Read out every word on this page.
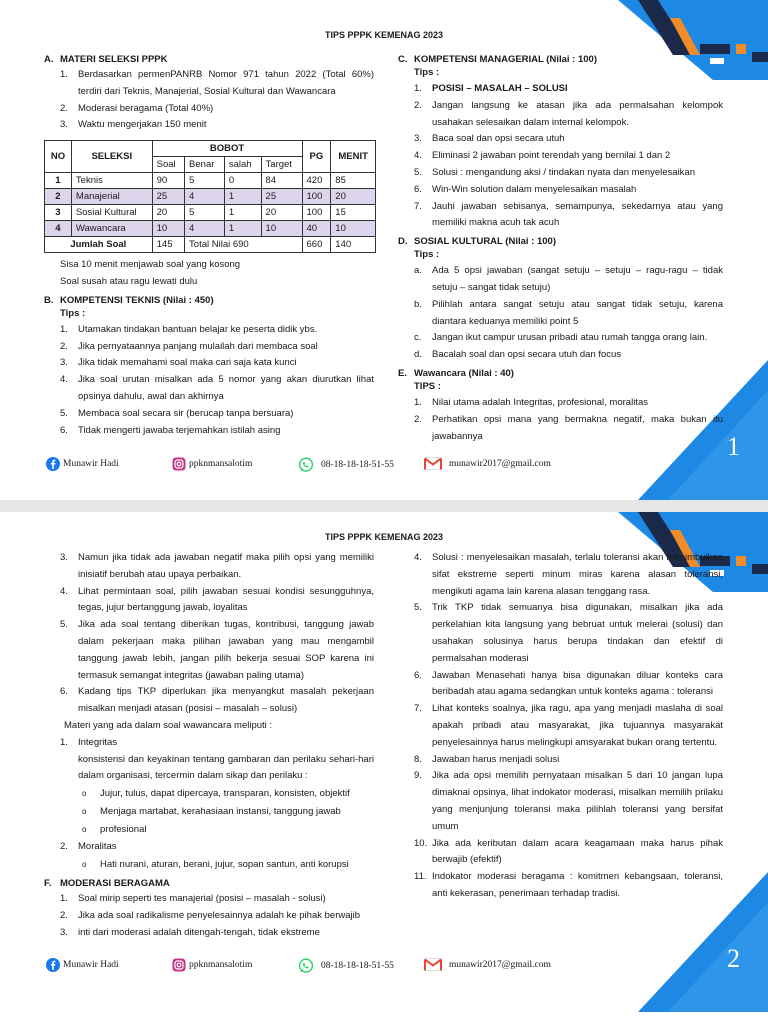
1
TIPS PPPK KEMENAG 2023
A. MATERI SELEKSI PPPK
1.	Berdasarkan permenPANRB Nomor 971 tahun 2022 (Total 60%) terdiri dari Teknis, Manajerial, Sosial Kultural dan Wawancara
2.	Moderasi beragama (Total 40%)
3.	Waktu mengerjakan 150 menit
NO	SELEKSI	BOBOT				PG	MENIT
		Soal	Benar	salah	Target		
1	Teknis	90	5	0	84	420	85
2	Manajerial	25	4	1	25	100	20
3	Sosial Kultural	20	5	1	20	100	15
4	Wawancara	10	4	1	10	40	10
Jumlah Soal		145	Total Nilai 690			660	140
Sisa 10 menit menjawab soal yang kosong
Soal susah atau ragu lewati dulu
B. KOMPETENSI TEKNIS (Nilai : 450)
Tips :
1.	Utamakan tindakan bantuan belajar ke peserta didik ybs.
2.	Jika pernyataannya panjang mulailah dari membaca soal
3.	Jika tidak memahami soal maka cari saja kata kunci
4.	Jika soal urutan misalkan ada 5 nomor yang akan diurutkan lihat opsinya dahulu, awal dan akhirnya
5.	Membaca soal secara sir (berucap tanpa bersuara)
6.	Tidak mengerti jawaba terjemahkan istilah asing
C. KOMPETENSI MANAGERIAL (Nilai : 100)
Tips :
1.	POSISI – MASALAH – SOLUSI
2.	Jangan langsung ke atasan jika ada permalsahan kelompok usahakan selesaikan dalam internal kelompok.
3.	Baca soal dan opsi secara utuh
4.	Eliminasi 2 jawaban point terendah yang bernilai 1 dan 2
5.	Solusi : mengandung aksi / tindakan nyata dan menyelesaikan
6.	Win-Win solution dalam menyelesaikan masalah
7.	Jauhi jawaban sebisanya, semampunya, sekedarnya atau yang memiliki makna acuh tak acuh
D. SOSIAL KULTURAL (Nilai : 100)
Tips :
a.	Ada 5 opsi jawaban (sangat setuju – setuju – ragu-ragu – tidak setuju – sangat tidak setuju)
b.	Pilihlah antara sangat setuju atau sangat tidak setuju, karena diantara keduanya memiliki point 5
c.	Jangan ikut campur urusan pribadi atau rumah tangga orang lain.
d.	Bacalah soal dan opsi secara utuh dan focus
E. Wawancara (Nilai : 40)
TIPS :
1.	Nilai utama adalah Integritas, profesional, moralitas
2.	Perhatikan opsi mana yang bermakna negatif, maka bukan itu jawabannya
Munawir Hadi	ppknmansalotim	08-18-18-18-51-55	munawir2017@gmail.com
2
TIPS PPPK KEMENAG 2023
3.	Namun jika tidak ada jawaban negatif maka pilih opsi yang memiliki inisiatif berubah atau upaya perbaikan.
4.	Lihat permintaan soal, pilih jawaban sesuai kondisi sesungguhnya, tegas, jujur bertanggung jawab, loyalitas
5.	Jika ada soal tentang diberikan tugas, kontribusi, tanggung jawab dalam pekerjaan maka pilihan jawaban yang mau mengambil tanggung jawab lebih, jangan pilih bekerja sesuai SOP karena ini termasuk semangat integritas (jawaban paling utama)
6.	Kadang tips TKP diperlukan jika menyangkut masalah pekerjaan misalkan menjadi atasan (posisi – masalah – solusi)
Materi yang ada dalam soal wawancara meliputi :
1.	Integritas
konsistensi dan keyakinan tentang gambaran dan perilaku sehari-hari dalam organisasi, tercermin dalam sikap dan perilaku :
o	Jujur, tulus, dapat dipercaya, transparan, konsisten, objektif
o	Menjaga martabat, kerahasiaan instansi, tanggung jawab
o	profesional
2.	Moralitas
o	Hati nurani, aturan, berani, jujur, sopan santun, anti korupsi
F. MODERASI BERAGAMA
1.	Soal mirip seperti tes manajerial (posisi – masalah - solusi)
2.	Jika ada soal radikalisme penyelesainnya adalah ke pihak berwajib
3.	inti dari moderasi adalah ditengah-tengah, tidak ekstreme
4.	Solusi : menyelesaikan masalah, terlalu toleransi akan menimbulkan sifat ekstreme seperti minum miras karena alasan toleransi, mengikuti agama lain karena alasan tenggang rasa.
5.	Trik TKP tidak semuanya bisa digunakan, misalkan jika ada perkelahian kita langsung yang bebruat untuk melerai (solusi) dan usahakan solusinya harus berupa tindakan dan efektif di permalsahan moderasi
6.	Jawaban Menasehati hanya bisa digunakan diluar konteks cara beribadah atau agama sedangkan untuk konteks agama : toleransi
7.	Lihat konteks soalnya, jika ragu, apa yang menjadi maslaha di soal apakah pribadi atau masyarakat, jika tujuannya masyarakat penyelesainnya harus melingkupi amsyarakat bukan orang tertentu.
8.	Jawaban harus menjadi solusi
9.	Jika ada opsi memilih pernyataan misalkan 5 dari 10 jangan lupa dimaknai opsinya, lihat indokator moderasi, misalkan memilih prilaku yang menjunjung toleransi maka pilihlah toleransi yang bersifat umum
10. Jika ada keributan dalam acara keagamaan maka harus pihak berwajib (efektif)
11. Indokator moderasi beragama : komitmen kebangsaan, toleransi, anti kekerasan, penerimaan terhadap tradisi.
Munawir Hadi	ppknmansalotim	08-18-18-18-51-55	munawir2017@gmail.com
